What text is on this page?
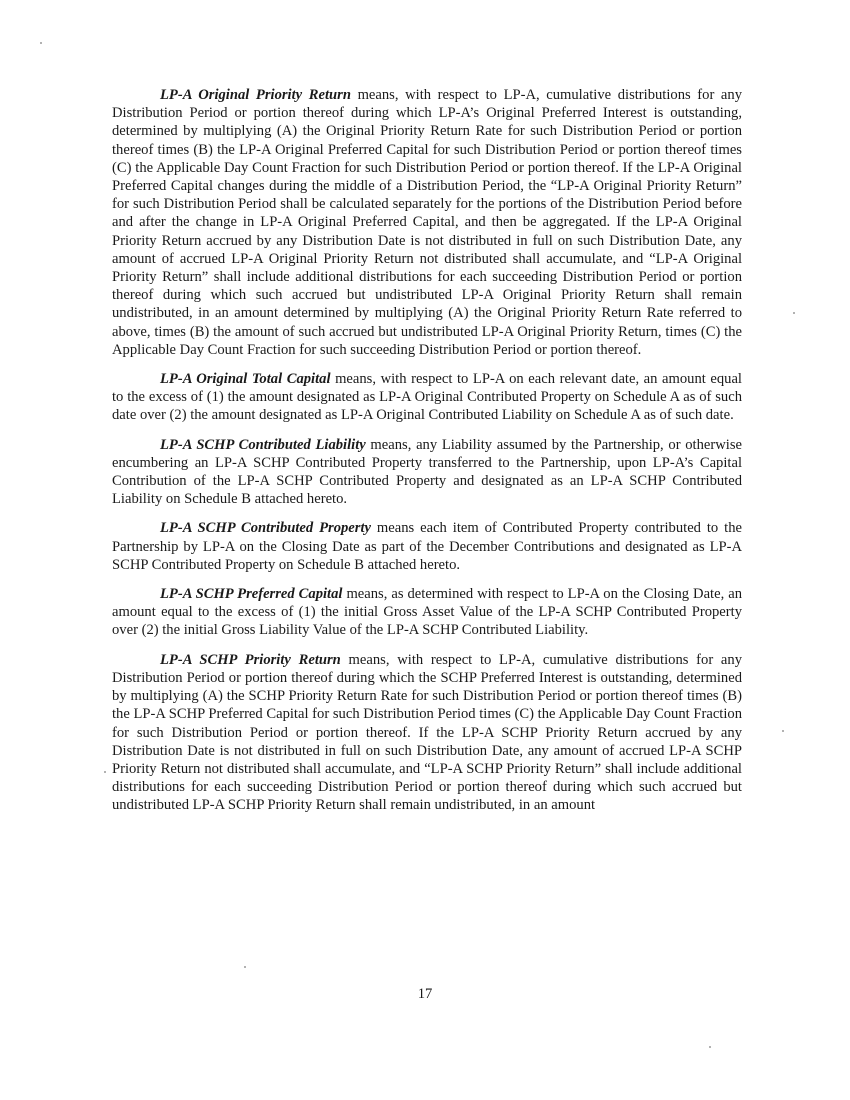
LP-A Original Priority Return means, with respect to LP-A, cumulative distributions for any Distribution Period or portion thereof during which LP-A’s Original Preferred Interest is outstanding, determined by multiplying (A) the Original Priority Return Rate for such Distribution Period or portion thereof times (B) the LP-A Original Preferred Capital for such Distribution Period or portion thereof times (C) the Applicable Day Count Fraction for such Distribution Period or portion thereof. If the LP-A Original Preferred Capital changes during the middle of a Distribution Period, the “LP-A Original Priority Return” for such Distribution Period shall be calculated separately for the portions of the Distribution Period before and after the change in LP-A Original Preferred Capital, and then be aggregated. If the LP-A Original Priority Return accrued by any Distribution Date is not distributed in full on such Distribution Date, any amount of accrued LP-A Original Priority Return not distributed shall accumulate, and “LP-A Original Priority Return” shall include additional distributions for each succeeding Distribution Period or portion thereof during which such accrued but undistributed LP-A Original Priority Return shall remain undistributed, in an amount determined by multiplying (A) the Original Priority Return Rate referred to above, times (B) the amount of such accrued but undistributed LP-A Original Priority Return, times (C) the Applicable Day Count Fraction for such succeeding Distribution Period or portion thereof.

LP-A Original Total Capital means, with respect to LP-A on each relevant date, an amount equal to the excess of (1) the amount designated as LP-A Original Contributed Property on Schedule A as of such date over (2) the amount designated as LP-A Original Contributed Liability on Schedule A as of such date.

LP-A SCHP Contributed Liability means, any Liability assumed by the Partnership, or otherwise encumbering an LP-A SCHP Contributed Property transferred to the Partnership, upon LP-A’s Capital Contribution of the LP-A SCHP Contributed Property and designated as an LP-A SCHP Contributed Liability on Schedule B attached hereto.

LP-A SCHP Contributed Property means each item of Contributed Property contributed to the Partnership by LP-A on the Closing Date as part of the December Contributions and designated as LP-A SCHP Contributed Property on Schedule B attached hereto.

LP-A SCHP Preferred Capital means, as determined with respect to LP-A on the Closing Date, an amount equal to the excess of (1) the initial Gross Asset Value of the LP-A SCHP Contributed Property over (2) the initial Gross Liability Value of the LP-A SCHP Contributed Liability.

LP-A SCHP Priority Return means, with respect to LP-A, cumulative distributions for any Distribution Period or portion thereof during which the SCHP Preferred Interest is outstanding, determined by multiplying (A) the SCHP Priority Return Rate for such Distribution Period or portion thereof times (B) the LP-A SCHP Preferred Capital for such Distribution Period times (C) the Applicable Day Count Fraction for such Distribution Period or portion thereof. If the LP-A SCHP Priority Return accrued by any Distribution Date is not distributed in full on such Distribution Date, any amount of accrued LP-A SCHP Priority Return not distributed shall accumulate, and “LP-A SCHP Priority Return” shall include additional distributions for each succeeding Distribution Period or portion thereof during which such accrued but undistributed LP-A SCHP Priority Return shall remain undistributed, in an amount

17
